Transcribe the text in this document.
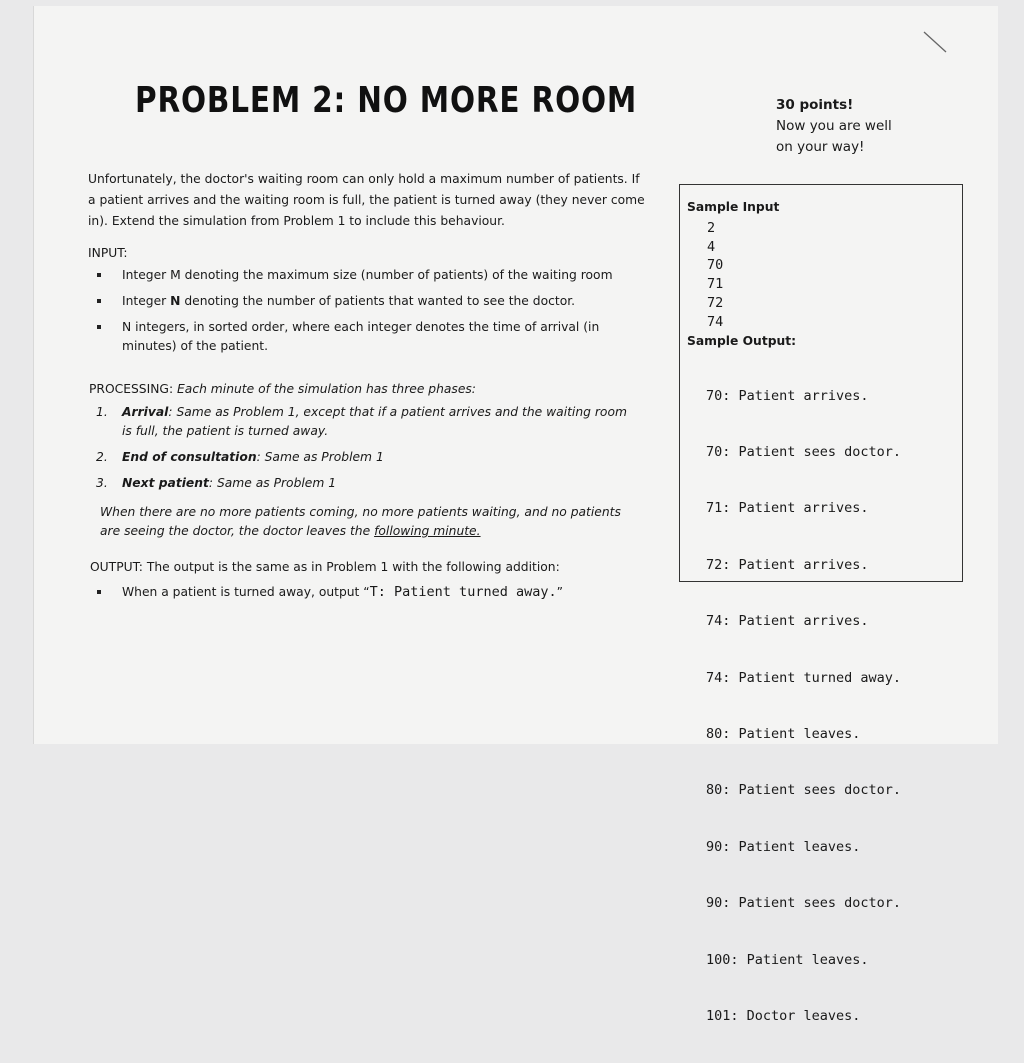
PROBLEM 2: NO MORE ROOM	30 points!
Now you are well
on your way!
Unfortunately, the doctor's waiting room can only hold a maximum number of patients. If a patient arrives and the waiting room is full, the patient is turned away (they never come in). Extend the simulation from Problem 1 to include this behaviour.
INPUT:
Integer M denoting the maximum size (number of patients) of the waiting room
Integer N denoting the number of patients that wanted to see the doctor.
N integers, in sorted order, where each integer denotes the time of arrival (in minutes) of the patient.
PROCESSING: Each minute of the simulation has three phases:
1. Arrival: Same as Problem 1, except that if a patient arrives and the waiting room is full, the patient is turned away.
2. End of consultation: Same as Problem 1
3. Next patient: Same as Problem 1
When there are no more patients coming, no more patients waiting, and no patients are seeing the doctor, the doctor leaves the following minute.
OUTPUT: The output is the same as in Problem 1 with the following addition:
When a patient is turned away, output “T: Patient turned away.”
Sample Input
2
4
70
71
72
74
Sample Output:

70: Patient arrives.

70: Patient sees doctor.

71: Patient arrives.

72: Patient arrives.

74: Patient arrives.

74: Patient turned away.

80: Patient leaves.

80: Patient sees doctor.

90: Patient leaves.

90: Patient sees doctor.

100: Patient leaves.

101: Doctor leaves.
